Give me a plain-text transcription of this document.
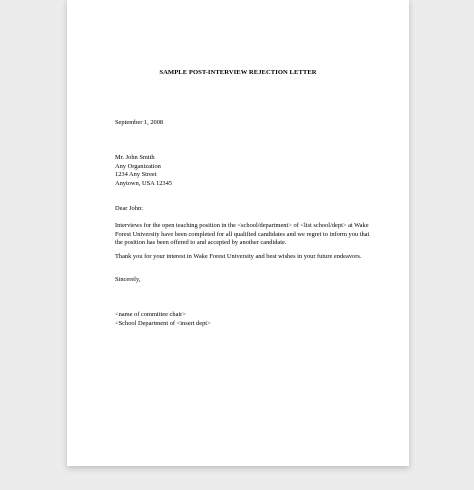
SAMPLE POST-INTERVIEW REJECTION LETTER
September 1, 2008
Mr. John Smith
Any Organization
1234 Any Street
Anytown, USA 12345
Dear John:
Interviews for the open teaching position in the <school/department> of <list school/dept> at Wake Forest University have been completed for all qualified candidates and we regret to inform you that the position has been offered to and accepted by another candidate.
Thank you for your interest in Wake Forest University and best wishes in your future endeavors.
Sincerely,
<name of committee chair>
<School Department of <insert dept>
